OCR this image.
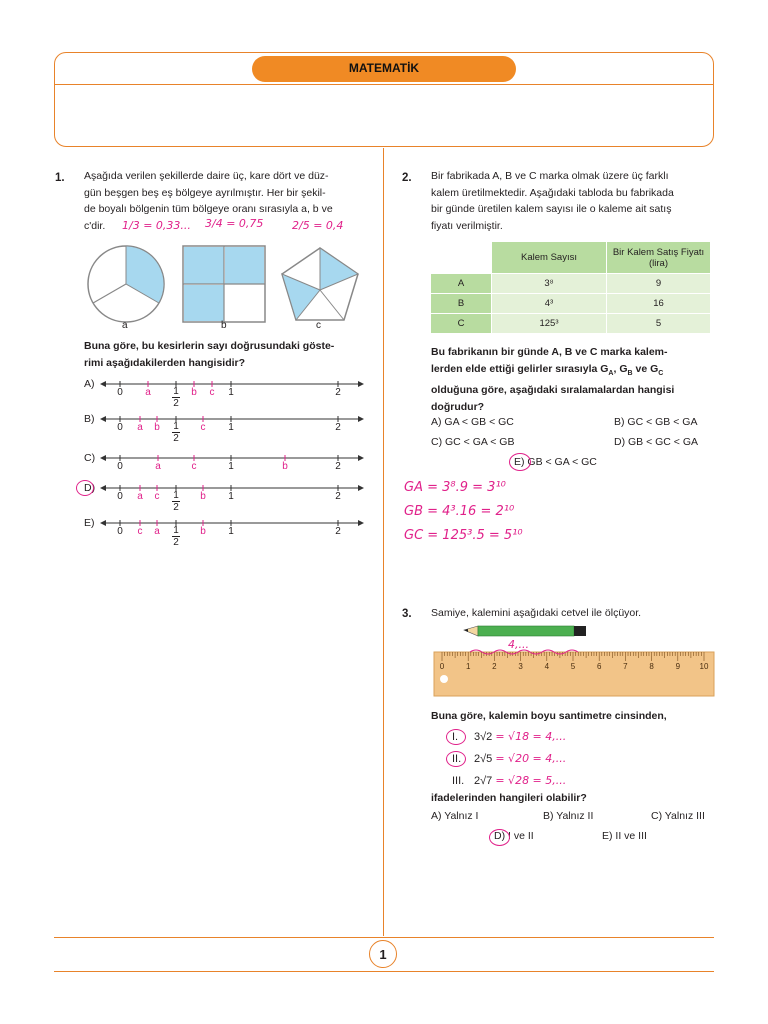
MATEMATİK
1. Aşağıda verilen şekillerde daire üç, kare dört ve düz-
gün beşgen beş eş bölgeye ayrılmıştır. Her bir şekil-
de boyalı bölgenin tüm bölgeye oranı sırasıyla a, b ve
c'dir.	1/3 = 0,33... 3/4 = 0,75	2/5 = 0,4
a	b	c
Buna göre, bu kesirlerin sayı doğrusundaki göste-
rimi aşağıdakilerden hangisidir?
A)
0	a	1
2
b	c	1	2
B)
0	a	b	1
2
c	1	2
C)
0	a	c	1	b	2
D)
0	a	c	1
2
b	1	2
E)
0	c	a	1
2
b	1	2
2. Bir fabrikada A, B ve C marka olmak üzere üç farklı
kalem üretilmektedir. Aşağıdaki tabloda bu fabrikada
bir günde üretilen kalem sayısı ile o kaleme ait satış
fiyatı verilmiştir.
	Kalem Sayısı	Bir Kalem Satış Fiyatı (lira)
A	3⁸	9
B	4³	16
C	125³	5
Bu fabrikanın bir günde A, B ve C marka kalem-
lerden elde ettiği gelirler sırasıyla $G_A$, $G_B$ ve $G_C$
olduğuna göre, aşağıdaki sıralamalardan hangisi
doğrudur?
A) GA < GB < GC	B) GC < GB < GA
C) GC < GA < GB	D) GB < GC < GA
E) GB < GA < GC
GA = 3⁸.9 = 3¹⁰
GB = 4³.16 = 2¹⁰
GC = 125³.5 = 5¹⁰
3. Samiye, kalemini aşağıdaki cetvel ile ölçüyor.
0	1	2	3	4	5	6	7	8	9 10
4,...
Buna göre, kalemin boyu santimetre cinsinden,
I. 3√2 = √18 = 4,...
II. 2√5 = √20 = 4,...
III. 2√7 = √28 = 5,...
ifadelerinden hangileri olabilir?
A) Yalnız I	B) Yalnız II	C) Yalnız III
D) I ve II	E) II ve III
1
